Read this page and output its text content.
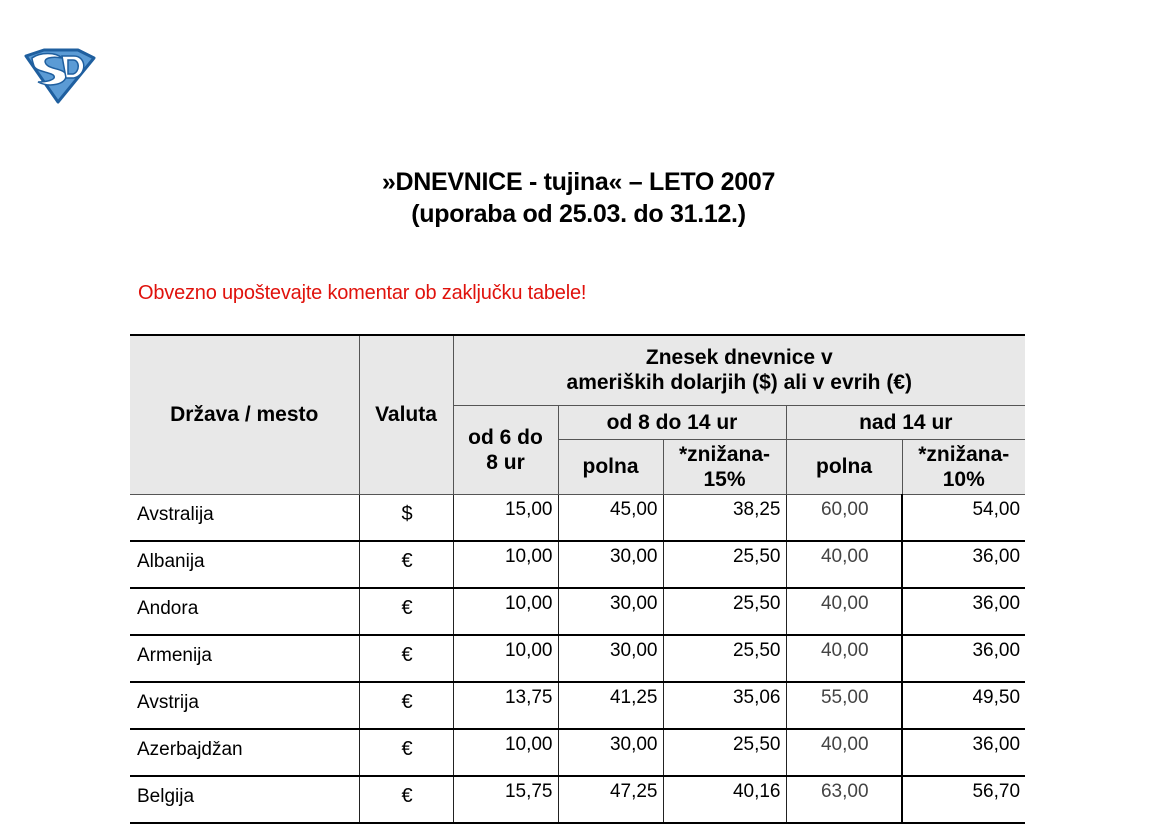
»DNEVNICE - tujina« – LETO 2007
(uporaba od 25.03. do 31.12.)
Obvezno upoštevajte komentar ob zaključku tabele!
Država / mesto	Valuta	Znesek dnevnice v
ameriških dolarjih ($) ali v evrih (€)				

		od 6 do 8 ur	od 8 do 14 ur		nad 14 ur	
			polna	*znižana-15%	polna	*znižana-10%
Avstralija	$	15,00	45,00	38,25	60,00	54,00
Albanija	€	10,00	30,00	25,50	40,00	36,00
Andora	€	10,00	30,00	25,50	40,00	36,00
Armenija	€	10,00	30,00	25,50	40,00	36,00
Avstrija	€	13,75	41,25	35,06	55,00	49,50
Azerbajdžan	€	10,00	30,00	25,50	40,00	36,00
Belgija	€	15,75	47,25	40,16	63,00	56,70
